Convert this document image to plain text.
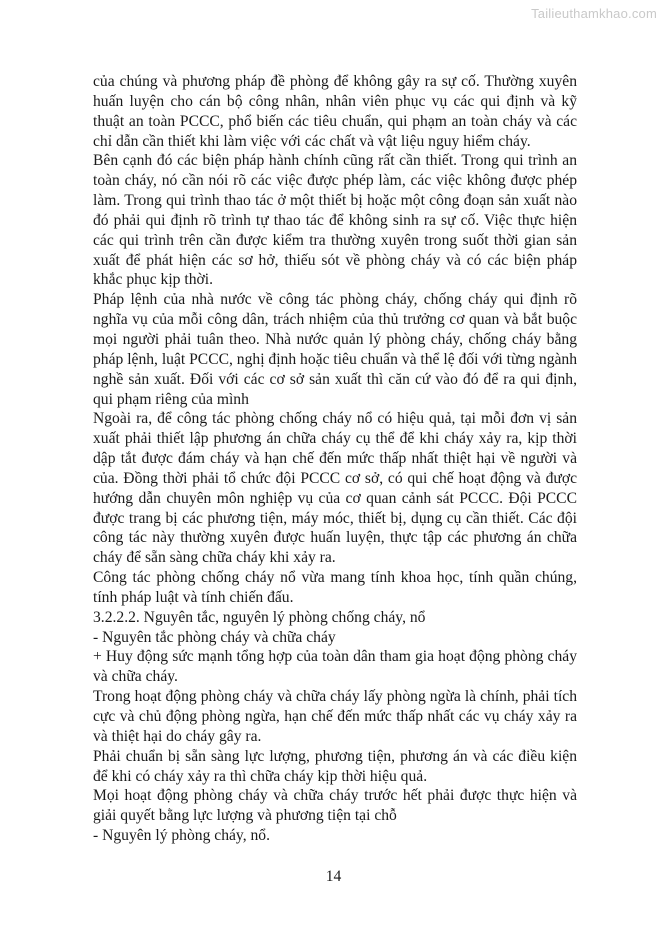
Tailieuthamkhao.com

của chúng và phương pháp đề phòng để không gây ra sự cố. Thường xuyên huấn luyện cho cán bộ công nhân, nhân viên phục vụ các qui định và kỹ thuật an toàn PCCC, phổ biến các tiêu chuẩn, qui phạm an toàn cháy và các chỉ dẫn cần thiết khi làm việc với các chất và vật liệu nguy hiểm cháy.

Bên cạnh đó các biện pháp hành chính cũng rất cần thiết. Trong qui trình an toàn cháy, nó cần nói rõ các việc được phép làm, các việc không được phép làm. Trong qui trình thao tác ở một thiết bị hoặc một công đoạn sản xuất nào đó phải qui định rõ trình tự thao tác để không sinh ra sự cố. Việc thực hiện các qui trình trên cần được kiểm tra thường xuyên trong suốt thời gian sản xuất để phát hiện các sơ hở, thiếu sót về phòng cháy và có các biện pháp khắc phục kịp thời.

Pháp lệnh của nhà nước về công tác phòng cháy, chống cháy qui định rõ nghĩa vụ của mỗi công dân, trách nhiệm của thủ trưởng cơ quan và bắt buộc mọi người phải tuân theo. Nhà nước quản lý phòng cháy, chống cháy bằng pháp lệnh, luật PCCC, nghị định hoặc tiêu chuẩn và thể lệ đối với từng ngành nghề sản xuất. Đối với các cơ sở sản xuất thì căn cứ vào đó để ra qui định, qui phạm riêng của mình

Ngoài ra, để công tác phòng chống cháy nổ có hiệu quả, tại mỗi đơn vị sản xuất phải thiết lập phương án chữa cháy cụ thể để khi cháy xảy ra, kịp thời dập tắt được đám cháy và hạn chế đến mức thấp nhất thiệt hại về người và của. Đồng thời phải tổ chức đội PCCC cơ sở, có qui chế hoạt động và được hướng dẫn chuyên môn nghiệp vụ của cơ quan cảnh sát PCCC. Đội PCCC được trang bị các phương tiện, máy móc, thiết bị, dụng cụ cần thiết. Các đội công tác này thường xuyên được huấn luyện, thực tập các phương án chữa cháy để sẵn sàng chữa cháy khi xảy ra.

Công tác phòng chống cháy nổ vừa mang tính khoa học, tính quần chúng, tính pháp luật và tính chiến đấu.

3.2.2.2. Nguyên tắc, nguyên lý phòng chống cháy, nổ

- Nguyên tắc phòng cháy và chữa cháy

+ Huy động sức mạnh tổng hợp của toàn dân tham gia hoạt động phòng cháy và chữa cháy.

Trong hoạt động phòng cháy và chữa cháy lấy phòng ngừa là chính, phải tích cực và chủ động phòng ngừa, hạn chế đến mức thấp nhất các vụ cháy xảy ra và thiệt hại do cháy gây ra.

Phải chuẩn bị sẵn sàng lực lượng, phương tiện, phương án và các điều kiện để khi có cháy xảy ra thì chữa cháy kịp thời hiệu quả.

Mọi hoạt động phòng cháy và chữa cháy trước hết phải được thực hiện và giải quyết bằng lực lượng và phương tiện tại chỗ

- Nguyên lý phòng cháy, nổ.

14
